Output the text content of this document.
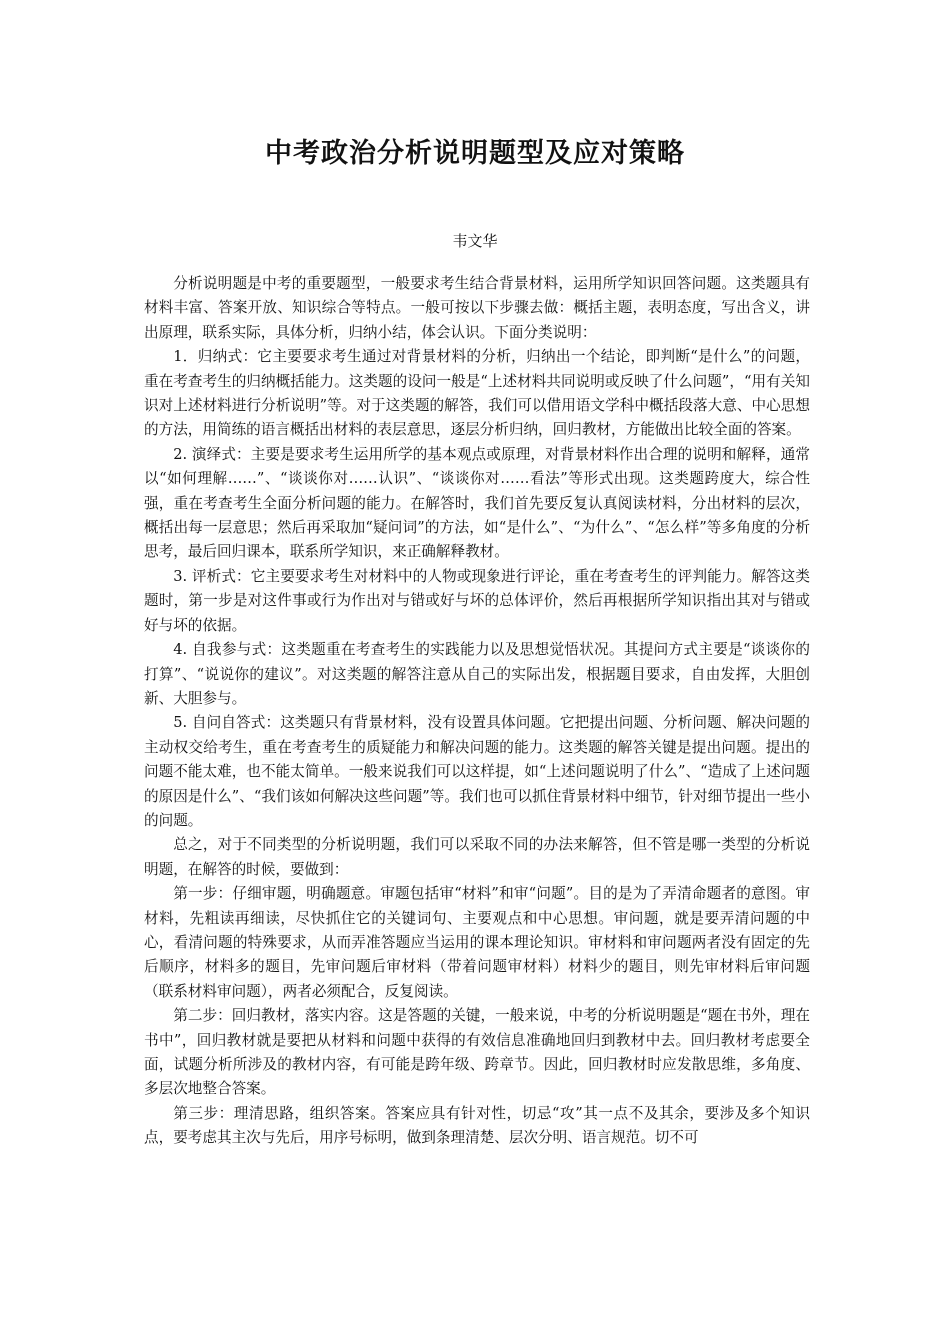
中考政治分析说明题型及应对策略
韦文华

分析说明题是中考的重要题型，一般要求考生结合背景材料，运用所学知识回答问题。这类题具有材料丰富、答案开放、知识综合等特点。一般可按以下步骤去做：概括主题，表明态度，写出含义，讲出原理，联系实际，具体分析，归纳小结，体会认识。下面分类说明：

1．归纳式：它主要要求考生通过对背景材料的分析，归纳出一个结论，即判断“是什么”的问题，重在考查考生的归纳概括能力。这类题的设问一般是“上述材料共同说明或反映了什么问题”，“用有关知识对上述材料进行分析说明”等。对于这类题的解答，我们可以借用语文学科中概括段落大意、中心思想的方法，用简练的语言概括出材料的表层意思，逐层分析归纳，回归教材，方能做出比较全面的答案。

2. 演绎式：主要是要求考生运用所学的基本观点或原理，对背景材料作出合理的说明和解释，通常以“如何理解……”、“谈谈你对……认识”、“谈谈你对……看法”等形式出现。这类题跨度大，综合性强，重在考查考生全面分析问题的能力。在解答时，我们首先要反复认真阅读材料，分出材料的层次，概括出每一层意思；然后再采取加“疑问词”的方法，如“是什么”、“为什么”、“怎么样”等多角度的分析思考，最后回归课本，联系所学知识，来正确解释教材。

3. 评析式：它主要要求考生对材料中的人物或现象进行评论，重在考查考生的评判能力。解答这类题时，第一步是对这件事或行为作出对与错或好与坏的总体评价，然后再根据所学知识指出其对与错或好与坏的依据。

4. 自我参与式：这类题重在考查考生的实践能力以及思想觉悟状况。其提问方式主要是“谈谈你的打算”、“说说你的建议”。对这类题的解答注意从自己的实际出发，根据题目要求，自由发挥，大胆创新、大胆参与。

5. 自问自答式：这类题只有背景材料，没有设置具体问题。它把提出问题、分析问题、解决问题的主动权交给考生，重在考查考生的质疑能力和解决问题的能力。这类题的解答关键是提出问题。提出的问题不能太难，也不能太简单。一般来说我们可以这样提，如“上述问题说明了什么”、“造成了上述问题的原因是什么”、“我们该如何解决这些问题”等。我们也可以抓住背景材料中细节，针对细节提出一些小的问题。

总之，对于不同类型的分析说明题，我们可以采取不同的办法来解答，但不管是哪一类型的分析说明题，在解答的时候，要做到：

第一步：仔细审题，明确题意。审题包括审“材料”和审“问题”。目的是为了弄清命题者的意图。审材料，先粗读再细读，尽快抓住它的关键词句、主要观点和中心思想。审问题，就是要弄清问题的中心，看清问题的特殊要求，从而弄准答题应当运用的课本理论知识。审材料和审问题两者没有固定的先后顺序，材料多的题目，先审问题后审材料（带着问题审材料）材料少的题目，则先审材料后审问题（联系材料审问题），两者必须配合，反复阅读。

第二步：回归教材，落实内容。这是答题的关键，一般来说，中考的分析说明题是“题在书外，理在书中”，回归教材就是要把从材料和问题中获得的有效信息准确地回归到教材中去。回归教材考虑要全面，试题分析所涉及的教材内容，有可能是跨年级、跨章节。因此，回归教材时应发散思维，多角度、多层次地整合答案。

第三步：理清思路，组织答案。答案应具有针对性，切忌“攻”其一点不及其余，要涉及多个知识点，要考虑其主次与先后，用序号标明，做到条理清楚、层次分明、语言规范。切不可
